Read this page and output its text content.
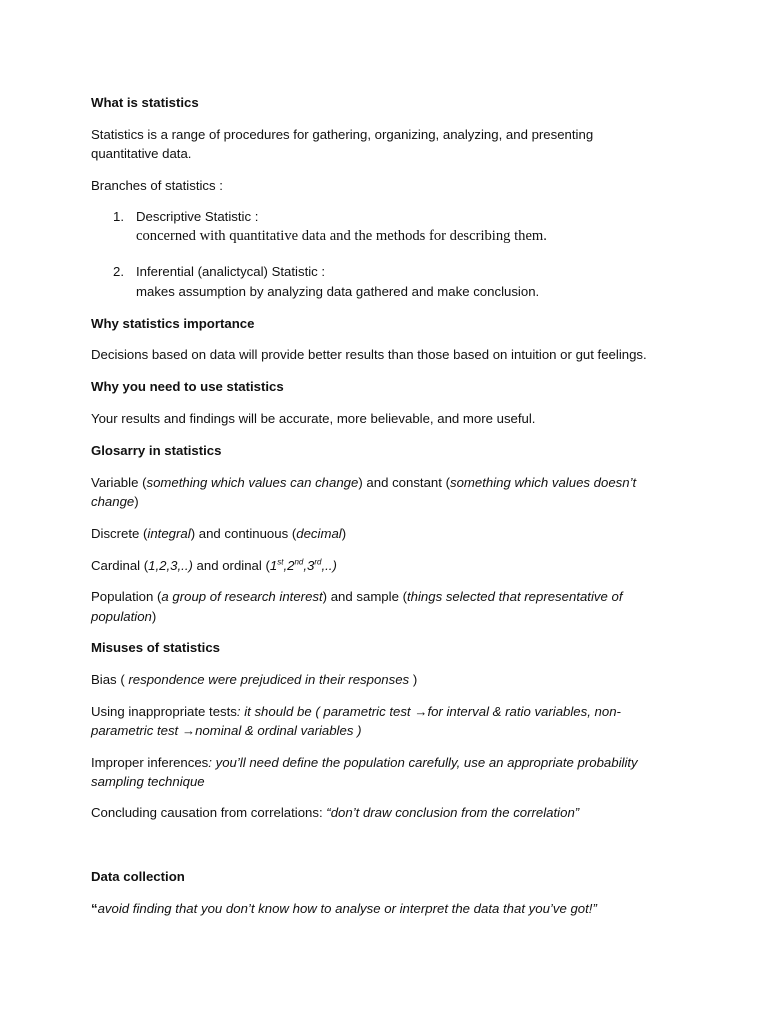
What is statistics
Statistics is a range of procedures for gathering, organizing, analyzing, and presenting
quantitative data.
Branches of statistics :
1. Descriptive Statistic :
concerned with quantitative data and the methods for describing them.
2. Inferential (analictycal) Statistic :
makes assumption by analyzing data gathered and make conclusion.
Why statistics importance
Decisions based on data will provide better results than those based on intuition or gut feelings.
Why you need to use statistics
Your results and findings will be accurate, more believable, and more useful.
Glosarry in statistics
Variable (something which values can change) and constant (something which values doesn’t
change)
Discrete (integral) and continuous (decimal)
Cardinal (1,2,3,..) and ordinal (1st,2nd,3rd,..)
Population (a group of research interest) and sample (things selected that representative of
population)
Misuses of statistics
Bias ( respondence were prejudiced in their responses )
Using inappropriate tests: it should be ( parametric test →for interval & ratio variables, non-
parametric test →nominal & ordinal variables )
Improper inferences: you’ll need define the population carefully, use an appropriate probability
sampling technique
Concluding causation from correlations: “don’t draw conclusion from the correlation”
Data collection
“avoid finding that you don’t know how to analyse or interpret the data that you’ve got!”
